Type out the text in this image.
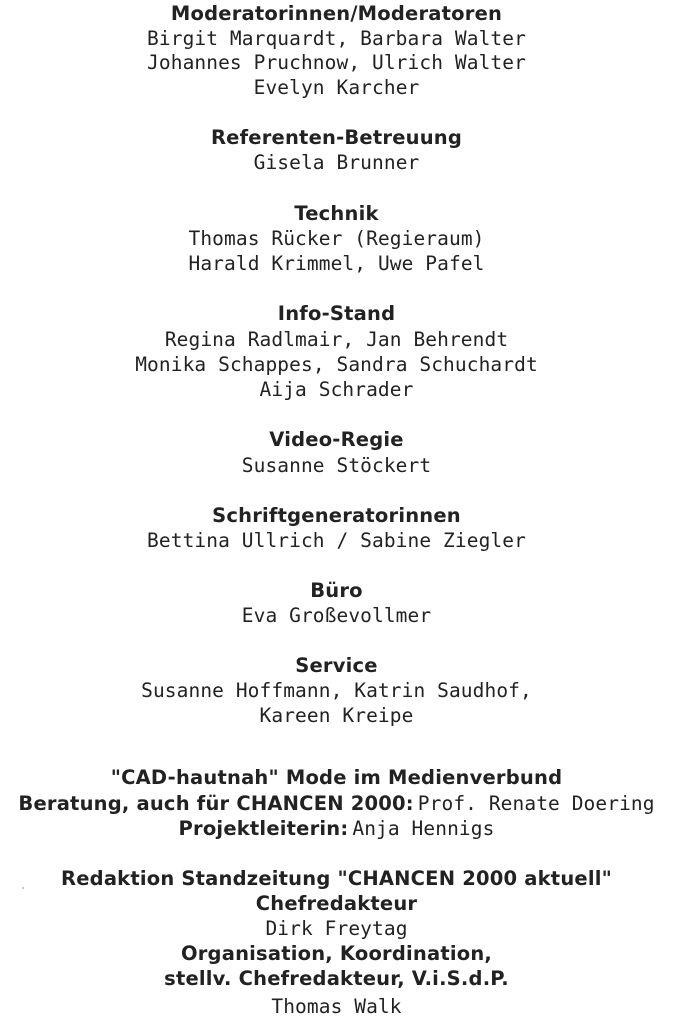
Moderatorinnen/Moderatoren
Birgit Marquardt, Barbara Walter
Johannes Pruchnow, Ulrich Walter
Evelyn Karcher
Referenten-Betreuung
Gisela Brunner
Technik
Thomas Rücker (Regieraum)
Harald Krimmel, Uwe Pafel
Info-Stand
Regina Radlmair, Jan Behrendt
Monika Schappes, Sandra Schuchardt
Aija Schrader
Video-Regie
Susanne Stöckert
Schriftgeneratorinnen
Bettina Ullrich / Sabine Ziegler
Büro
Eva Großevollmer
Service
Susanne Hoffmann, Katrin Saudhof,
Kareen Kreipe
"CAD-hautnah" Mode im Medienverbund
Beratung, auch für CHANCEN 2000: Prof. Renate Doering
Projektleiterin: Anja Hennigs
Redaktion Standzeitung "CHANCEN 2000 aktuell"
Chefredakteur
Dirk Freytag
Organisation, Koordination,
stellv. Chefredakteur, V.i.S.d.P.
Thomas Walk
